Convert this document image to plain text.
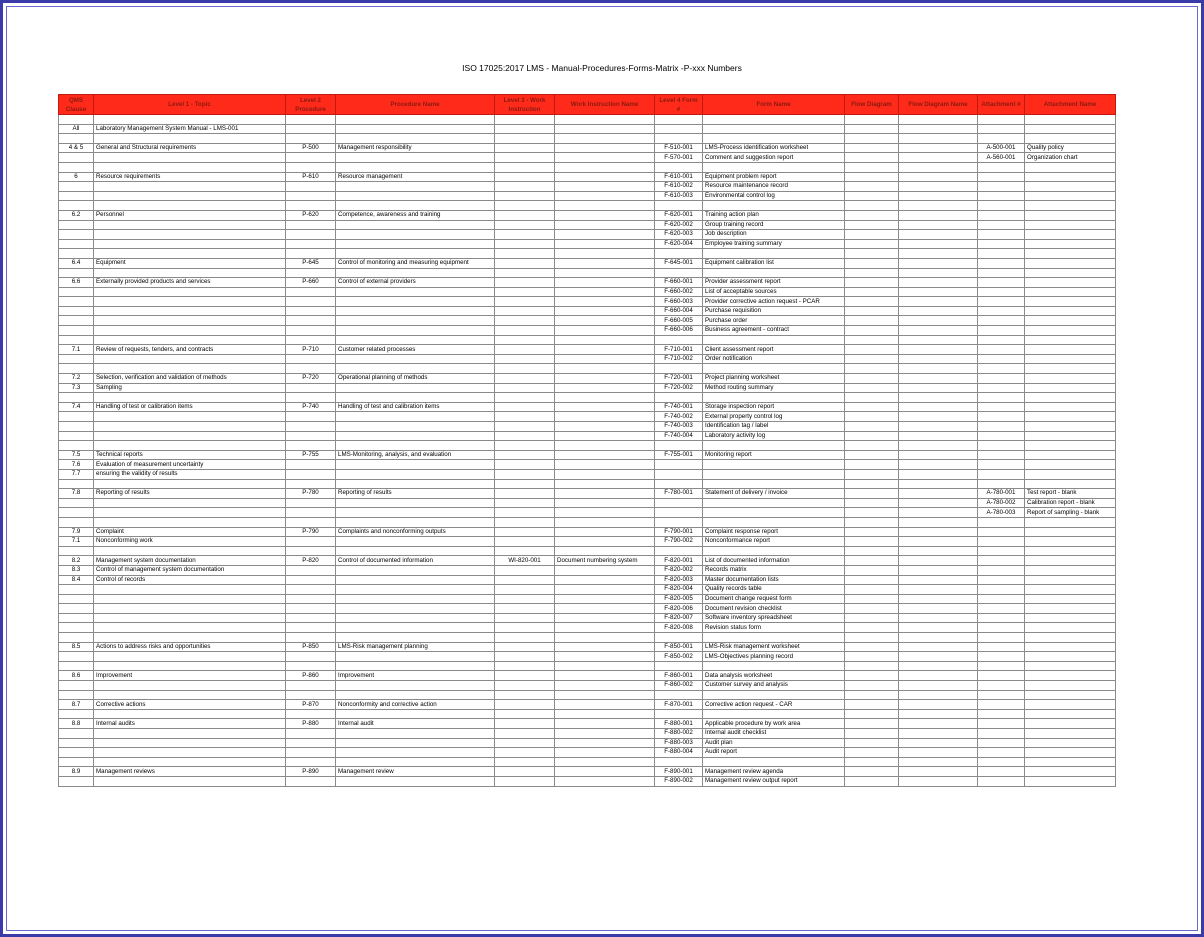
ISO 17025:2017 LMS - Manual-Procedures-Forms-Matrix -P-xxx Numbers
QMS Clause	Level 1 - Topic	Level 2 Procedure	Procedure Name	Level 3 - Work Instruction	Work Instruction Name	Level 4 Form #	Form Name	Flow Diagram	Flow Diagram Name	Attachment #	Attachment Name

All	Laboratory Management System Manual - LMS-001										

4 & 5	General and Structural requirements	P-500	Management responsibility			F-510-001	LMS-Process identification worksheet			A-500-001	Quality policy
						F-570-001	Comment and suggestion report			A-560-001	Organization chart

6	Resource requirements	P-610	Resource management			F-610-001	Equipment problem report				
						F-610-002	Resource maintenance record				
						F-610-003	Environmental control log				

6.2	Personnel	P-620	Competence, awareness and training			F-620-001	Training action plan				
						F-620-002	Group training record				
						F-620-003	Job description				
						F-620-004	Employee training summary				

6.4	Equipment	P-645	Control of monitoring and measuring equipment			F-645-001	Equipment calibration list				

6.6	Externally provided products and services	P-660	Control of external providers			F-660-001	Provider assessment report				
						F-660-002	List of acceptable sources				
						F-660-003	Provider corrective action request - PCAR				
						F-660-004	Purchase requisition				
						F-660-005	Purchase order				
						F-660-006	Business agreement - contract				

7.1	Review of requests, tenders, and contracts	P-710	Customer related processes			F-710-001	Client assessment report				
						F-710-002	Order notification				

7.2	Selection, verification and validation of methods	P-720	Operational planning of methods			F-720-001	Project planning worksheet				
7.3	Sampling					F-720-002	Method routing summary				

7.4	Handling of test or calibration items	P-740	Handling of test and calibration items			F-740-001	Storage inspection report				
						F-740-002	External property control log				
						F-740-003	Identification tag / label				
						F-740-004	Laboratory activity log				

7.5	Technical reports	P-755	LMS-Monitoring, analysis, and evaluation			F-755-001	Monitoring report				
7.6	Evaluation of measurement uncertainty										
7.7	ensuring the validity of results										

7.8	Reporting of results	P-780	Reporting of results			F-780-001	Statement of delivery / invoice			A-780-001	Test report - blank
										A-780-002	Calibration report - blank
										A-780-003	Report of sampling - blank

7.9	Complaint	P-790	Complaints and nonconforming outputs			F-790-001	Complaint response report				
7.1	Nonconforming work					F-790-002	Nonconformance report				

8.2	Management system documentation	P-820	Control of documented information	WI-820-001	Document numbering system	F-820-001	List of documented information				
8.3	Control of management system documentation					F-820-002	Records matrix				
8.4	Control of records					F-820-003	Master documentation lists				
						F-820-004	Quality records table				
						F-820-005	Document change request form				
						F-820-006	Document revision checklist				
						F-820-007	Software inventory spreadsheet				
						F-820-008	Revision status form				

8.5	Actions to address risks and opportunities	P-850	LMS-Risk management planning			F-850-001	LMS-Risk management worksheet				
						F-850-002	LMS-Objectives planning record				

8.6	Improvement	P-860	Improvement			F-860-001	Data analysis worksheet				
						F-860-002	Customer survey and analysis				

8.7	Corrective actions	P-870	Nonconformity and corrective action			F-870-001	Corrective action request - CAR				

8.8	Internal audits	P-880	Internal audit			F-880-001	Applicable procedure by work area				
						F-880-002	Internal audit checklist				
						F-880-003	Audit plan				
						F-880-004	Audit report				

8.9	Management reviews	P-890	Management review			F-890-001	Management review agenda				
						F-890-002	Management review output report				
